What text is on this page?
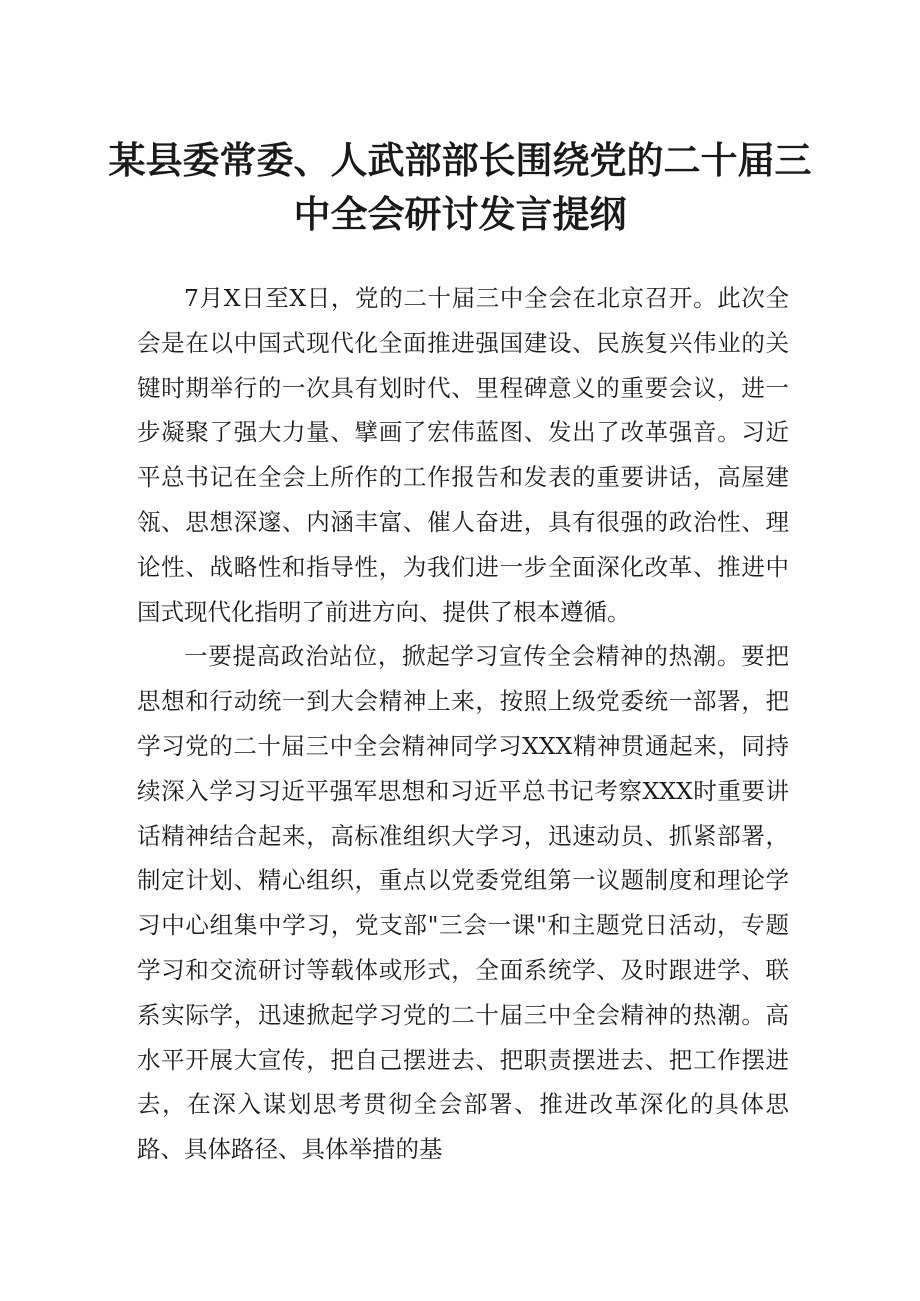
某县委常委、人武部部长围绕党的二十届三
中全会研讨发言提纲

7月X日至X日，党的二十届三中全会在北京召开。此次全会是在以中国式现代化全面推进强国建设、民族复兴伟业的关键时期举行的一次具有划时代、里程碑意义的重要会议，进一步凝聚了强大力量、擘画了宏伟蓝图、发出了改革强音。习近平总书记在全会上所作的工作报告和发表的重要讲话，高屋建瓴、思想深邃、内涵丰富、催人奋进，具有很强的政治性、理论性、战略性和指导性，为我们进一步全面深化改革、推进中国式现代化指明了前进方向、提供了根本遵循。

一要提高政治站位，掀起学习宣传全会精神的热潮。要把思想和行动统一到大会精神上来，按照上级党委统一部署，把学习党的二十届三中全会精神同学习XXX精神贯通起来，同持续深入学习习近平强军思想和习近平总书记考察XXX时重要讲话精神结合起来，高标准组织大学习，迅速动员、抓紧部署，制定计划、精心组织，重点以党委党组第一议题制度和理论学习中心组集中学习，党支部"三会一课"和主题党日活动，专题学习和交流研讨等载体或形式，全面系统学、及时跟进学、联系实际学，迅速掀起学习党的二十届三中全会精神的热潮。高水平开展大宣传，把自己摆进去、把职责摆进去、把工作摆进去，在深入谋划思考贯彻全会部署、推进改革深化的具体思路、具体路径、具体举措的基
